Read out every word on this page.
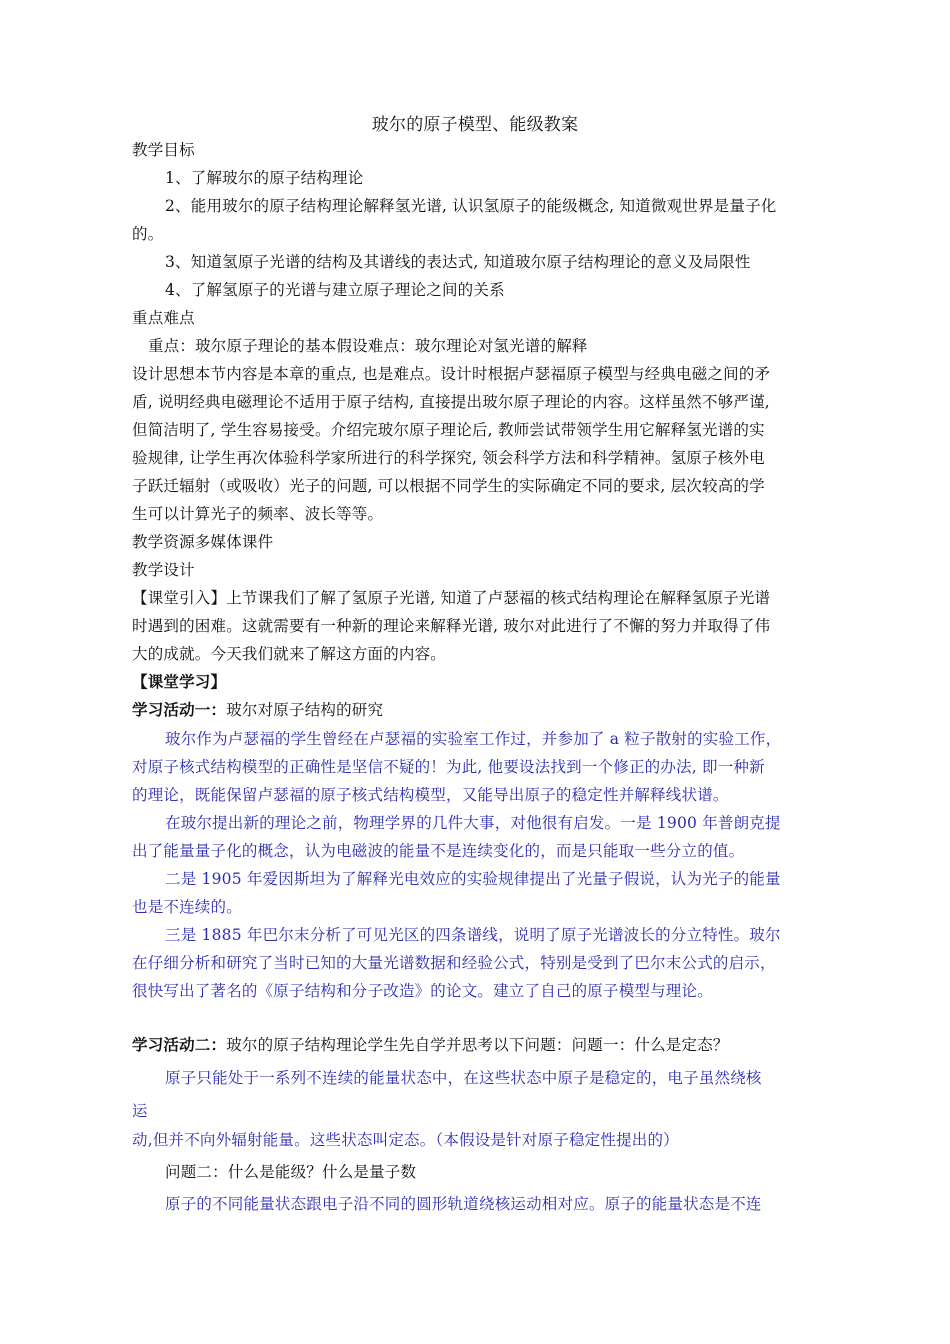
玻尔的原子模型、能级教案
教学目标
1、了解玻尔的原子结构理论
2、能用玻尔的原子结构理论解释氢光谱, 认识氢原子的能级概念, 知道微观世界是量子化
的。
3、知道氢原子光谱的结构及其谱线的表达式, 知道玻尔原子结构理论的意义及局限性
4、了解氢原子的光谱与建立原子理论之间的关系
重点难点
重点：玻尔原子理论的基本假设难点：玻尔理论对氢光谱的解释
设计思想本节内容是本章的重点, 也是难点。设计时根据卢瑟福原子模型与经典电磁之间的矛
盾, 说明经典电磁理论不适用于原子结构, 直接提出玻尔原子理论的内容。这样虽然不够严谨,
但简洁明了, 学生容易接受。介绍完玻尔原子理论后, 教师尝试带领学生用它解释氢光谱的实
验规律, 让学生再次体验科学家所进行的科学探究, 领会科学方法和科学精神。氢原子核外电
子跃迁辐射（或吸收）光子的问题, 可以根据不同学生的实际确定不同的要求, 层次较高的学
生可以计算光子的频率、波长等等。
教学资源多媒体课件
教学设计
【课堂引入】上节课我们了解了氢原子光谱, 知道了卢瑟福的核式结构理论在解释氢原子光谱
时遇到的困难。这就需要有一种新的理论来解释光谱, 玻尔对此进行了不懈的努力并取得了伟
大的成就。今天我们就来了解这方面的内容。
【课堂学习】
学习活动一：玻尔对原子结构的研究
玻尔作为卢瑟福的学生曾经在卢瑟福的实验室工作过，并参加了 a 粒子散射的实验工作，
对原子核式结构模型的正确性是坚信不疑的！为此, 他要设法找到一个修正的办法, 即一种新
的理论，既能保留卢瑟福的原子核式结构模型，又能导出原子的稳定性并解释线状谱。
在玻尔提出新的理论之前，物理学界的几件大事，对他很有启发。一是 1900 年普朗克提
出了能量量子化的概念，认为电磁波的能量不是连续变化的，而是只能取一些分立的值。
二是 1905 年爱因斯坦为了解释光电效应的实验规律提出了光量子假说，认为光子的能量
也是不连续的。
三是 1885 年巴尔末分析了可见光区的四条谱线，说明了原子光谱波长的分立特性。玻尔
在仔细分析和研究了当时已知的大量光谱数据和经验公式，特别是受到了巴尔末公式的启示，
很快写出了著名的《原子结构和分子改造》的论文。建立了自己的原子模型与理论。
学习活动二：玻尔的原子结构理论学生先自学并思考以下问题：问题一：什么是定态？
原子只能处于一系列不连续的能量状态中，在这些状态中原子是稳定的，电子虽然绕核
运
动,但并不向外辐射能量。这些状态叫定态。（本假设是针对原子稳定性提出的）
问题二：什么是能级？什么是量子数
原子的不同能量状态跟电子沿不同的圆形轨道绕核运动相对应。原子的能量状态是不连
